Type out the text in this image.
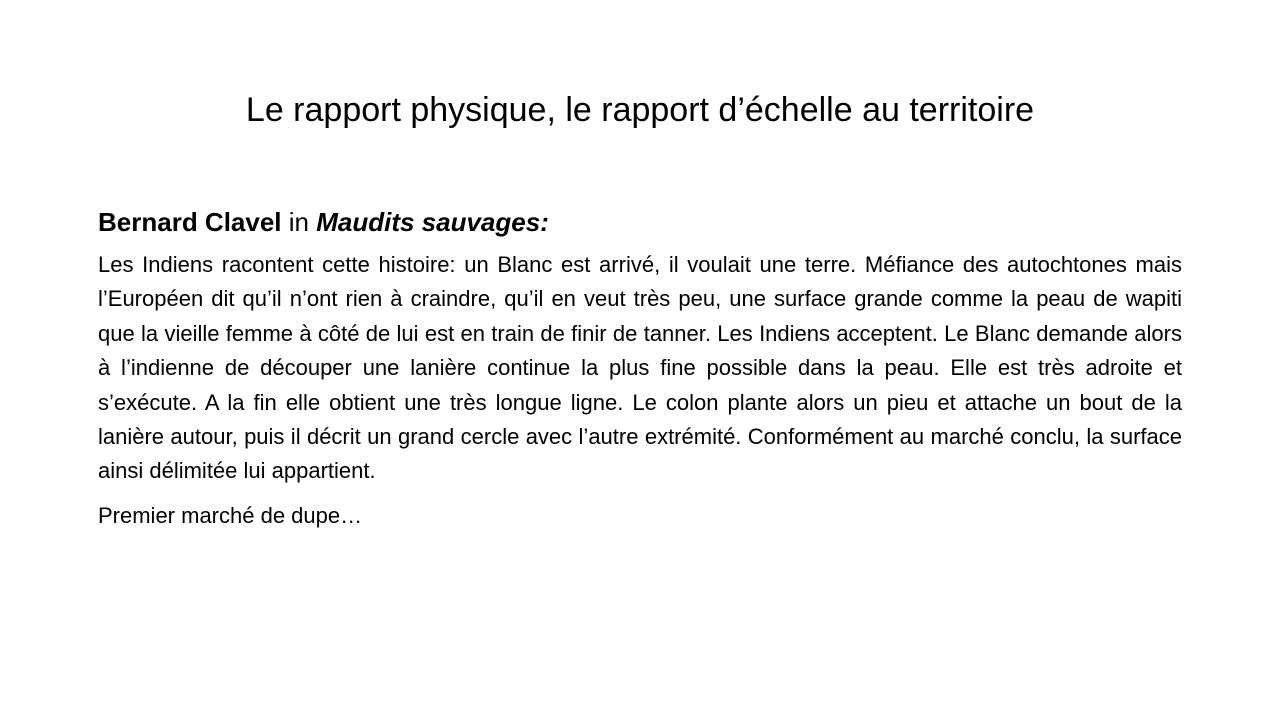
Le rapport physique, le rapport d’échelle au territoire

Bernard Clavel in Maudits sauvages:

Les Indiens racontent cette histoire: un Blanc est arrivé, il voulait une terre. Méfiance des autochtones mais l’Européen dit qu’il n’ont rien à craindre, qu’il en veut très peu, une surface grande comme la peau de wapiti que la vieille femme à côté de lui est en train de finir de tanner. Les Indiens acceptent. Le Blanc demande alors à l’indienne de découper une lanière continue la plus fine possible dans la peau. Elle est très adroite et s’exécute. A la fin elle obtient une très longue ligne. Le colon plante alors un pieu et attache un bout de la lanière autour, puis il décrit un grand cercle avec l’autre extrémité. Conformément au marché conclu, la surface ainsi délimitée lui appartient.

Premier marché de dupe…
